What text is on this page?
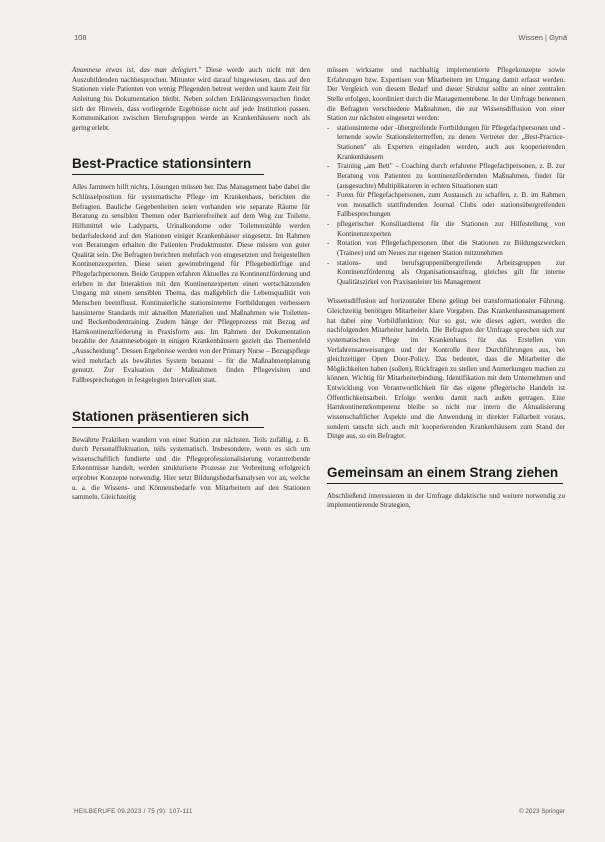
108	Wissen | Gynä

Anamnese etwas ist, das man delegiert." Diese werde auch nicht mit den Auszubildenden nachbesprochen. Mitunter wird darauf hingewiesen, dass auf den Stationen viele Patienten von wenig Pflegenden betreut werden und kaum Zeit für Anleitung bis Dokumentation bleibt. Neben solchen Erklärungsversuchen findet sich der Hinweis, dass vorliegende Ergebnisse nicht auf jede Institution passen. Kommunikation zwischen Berufsgruppen werde an Krankenhäusern noch als gering erlebt.

Best-Practice stationsintern

Alles Jammern hilft nichts, Lösungen müssen her. Das Management habe dabei die Schlüsselposition für systematische Pflege im Krankenhaus, berichten die Befragten. Bauliche Gegebenheiten seien vorhanden wie separate Räume für Beratung zu sensiblen Themen oder Barrierefreiheit auf dem Weg zur Toilette. Hilfsmittel wie Ladyparts, Urinalkondome oder Toilettenstühle werden bedarfsdeckend auf den Stationen einiger Krankenhäuser eingesetzt. Im Rahmen von Beratungen erhalten die Patienten Produktmuster. Diese müssen von guter Qualität sein. Die Befragten berichten mehrfach von eingesetzten und freigestellten Kontinenzexperten. Diese seien gewinnbringend für Pflegebedürftige und Pflegefachpersonen. Beide Gruppen erfahren Aktuelles zu Kontinenzförderung und erleben in der Interaktion mit den Kontinenzexperten einen wertschätzenden Umgang mit einem sensiblen Thema, das maßgeblich die Lebensqualität von Menschen beeinflusst. Kontinuierliche stationsinterne Fortbildungen verbessern hausinterne Standards mit aktuellen Materialien und Maßnahmen wie Toiletten- und Beckenbodentraining. Zudem hänge der Pflegeprozess mit Bezug auf Harnkontinenzförderung in Praxisform aus. Im Rahmen der Dokumentation bezahlte der Anamnesebogen in einigen Krankenhäusern gezielt das Themenfeld „Ausscheidung". Dessen Ergebnisse werden von der Primary Nurse – Bezugspflege wird mehrfach als bewährtes System benannt – für die Maßnahmenplanung genutzt. Zur Evaluation der Maßnahmen finden Pflegevisiten und Fallbesprechungen in festgelegten Intervallen statt.

Stationen präsentieren sich

Bewährte Praktiken wandern von einer Station zur nächsten. Teils zufällig, z. B. durch Personalfluktuation, teils systematisch. Insbesondere, wenn es sich um wissenschaftlich fundierte und die Pflegeprofessionalisierung vorantreibende Erkenntnisse handelt, werden strukturierte Prozesse zur Verbreitung erfolgreich erprobter Konzepte notwendig. Hier setzt Bildungsbedarfsanalysen vor an, welche u. a. die Wissens- und Könnensbedarfe von Mitarbeitern auf den Stationen sammeln. Gleichzeitig

müssen wirksame und nachhaltig implementierte Pflegekonzepte sowie Erfahrungen bzw. Expertisen von Mitarbeitern im Umgang damit erfasst werden. Der Vergleich von diesem Bedarf und dieser Struktur sollte an einer zentralen Stelle erfolgen, koordiniert durch die Managementebene. In der Umfrage benennen die Befragten verschiedene Maßnahmen, die zur Wissensdiffusion von einer Station zur nächsten eingesetzt werden:

- stationsinterne oder -übergreifende Fortbildungen für Pflegefachpersonen und -lernende sowie Stationsleitertreffen, zu denen Vertreter der „Best-Practice-Stationen" als Experten eingeladen werden, auch aus kooperierenden Krankenhäusern
- Training „am Bett" – Coaching durch erfahrene Pflegefachpersonen, z. B. zur Beratung von Patienten zu kontinenzfördernden Maßnahmen, findet für (ausgesuchte) Multiplikatoren in echten Situationen statt
- Foren für Pflegefachpersonen, zum Austausch zu schaffen, z. B. im Rahmen von monatlich stattfindenden Journal Clubs oder stationsübergreifenden Fallbesprechungen
- pflegerischer Konsiliardienst für die Stationen zur Hilfestellung von Kontinenzexperten
- Rotation von Pflegefachpersonen über die Stationen zu Bildungszwecken (Trainee) und um Neues zur eigenen Station mitzunehmen
- stations- und berufsgruppenübergreifende Arbeitsgruppen zur Kontinenzförderung als Organisationsauftrag, gleiches gilt für interne Qualitätszirkel von Praxisanleiter bis Management

Wissensdiffusion auf horizontaler Ebene gelingt bei transformationaler Führung. Gleichzeitig benötigen Mitarbeiter klare Vorgaben. Das Krankenhausmanagement hat dabei eine Vorbildfunktion: Nur so gut, wie dieses agiert, werden die nachfolgenden Mitarbeiter handeln. Die Befragten der Umfrage sprechen sich zur systematischen Pflege im Krankenhaus für das Erstellen von Verfahrensanweisungen und der Kontrolle ihrer Durchführungen aus, bei gleichzeitiger Open Door-Policy. Das bedeutet, dass die Mitarbeiter die Möglichkeiten haben (sollen), Rückfragen zu stellen und Anmerkungen machen zu können. Wichtig für Mitarbeiterbindung, Identifikation mit dem Unternehmen und Entwicklung von Verantwortlichkeit für das eigene pflegerische Handeln ist Öffentlichkeitsarbeit. Erfolge werden damit nach außen getragen. Eine Harnkontinenzkompetenz bleibe so nicht nur intern die Aktualisierung wissenschaftlicher Aspekte und die Anwendung in direkter Fallarbeit voraus, sondern tauscht sich auch mit kooperierenden Krankenhäusern zum Stand der Dinge aus, so ein Befragter.

Gemeinsam an einem Strang ziehen

Abschließend interessieren in der Umfrage didaktische und weitere notwendig zu implementierende Strategien,

HEILBERUFE 09.2023 / 75 (9): 107-111	© 2023 Springer
